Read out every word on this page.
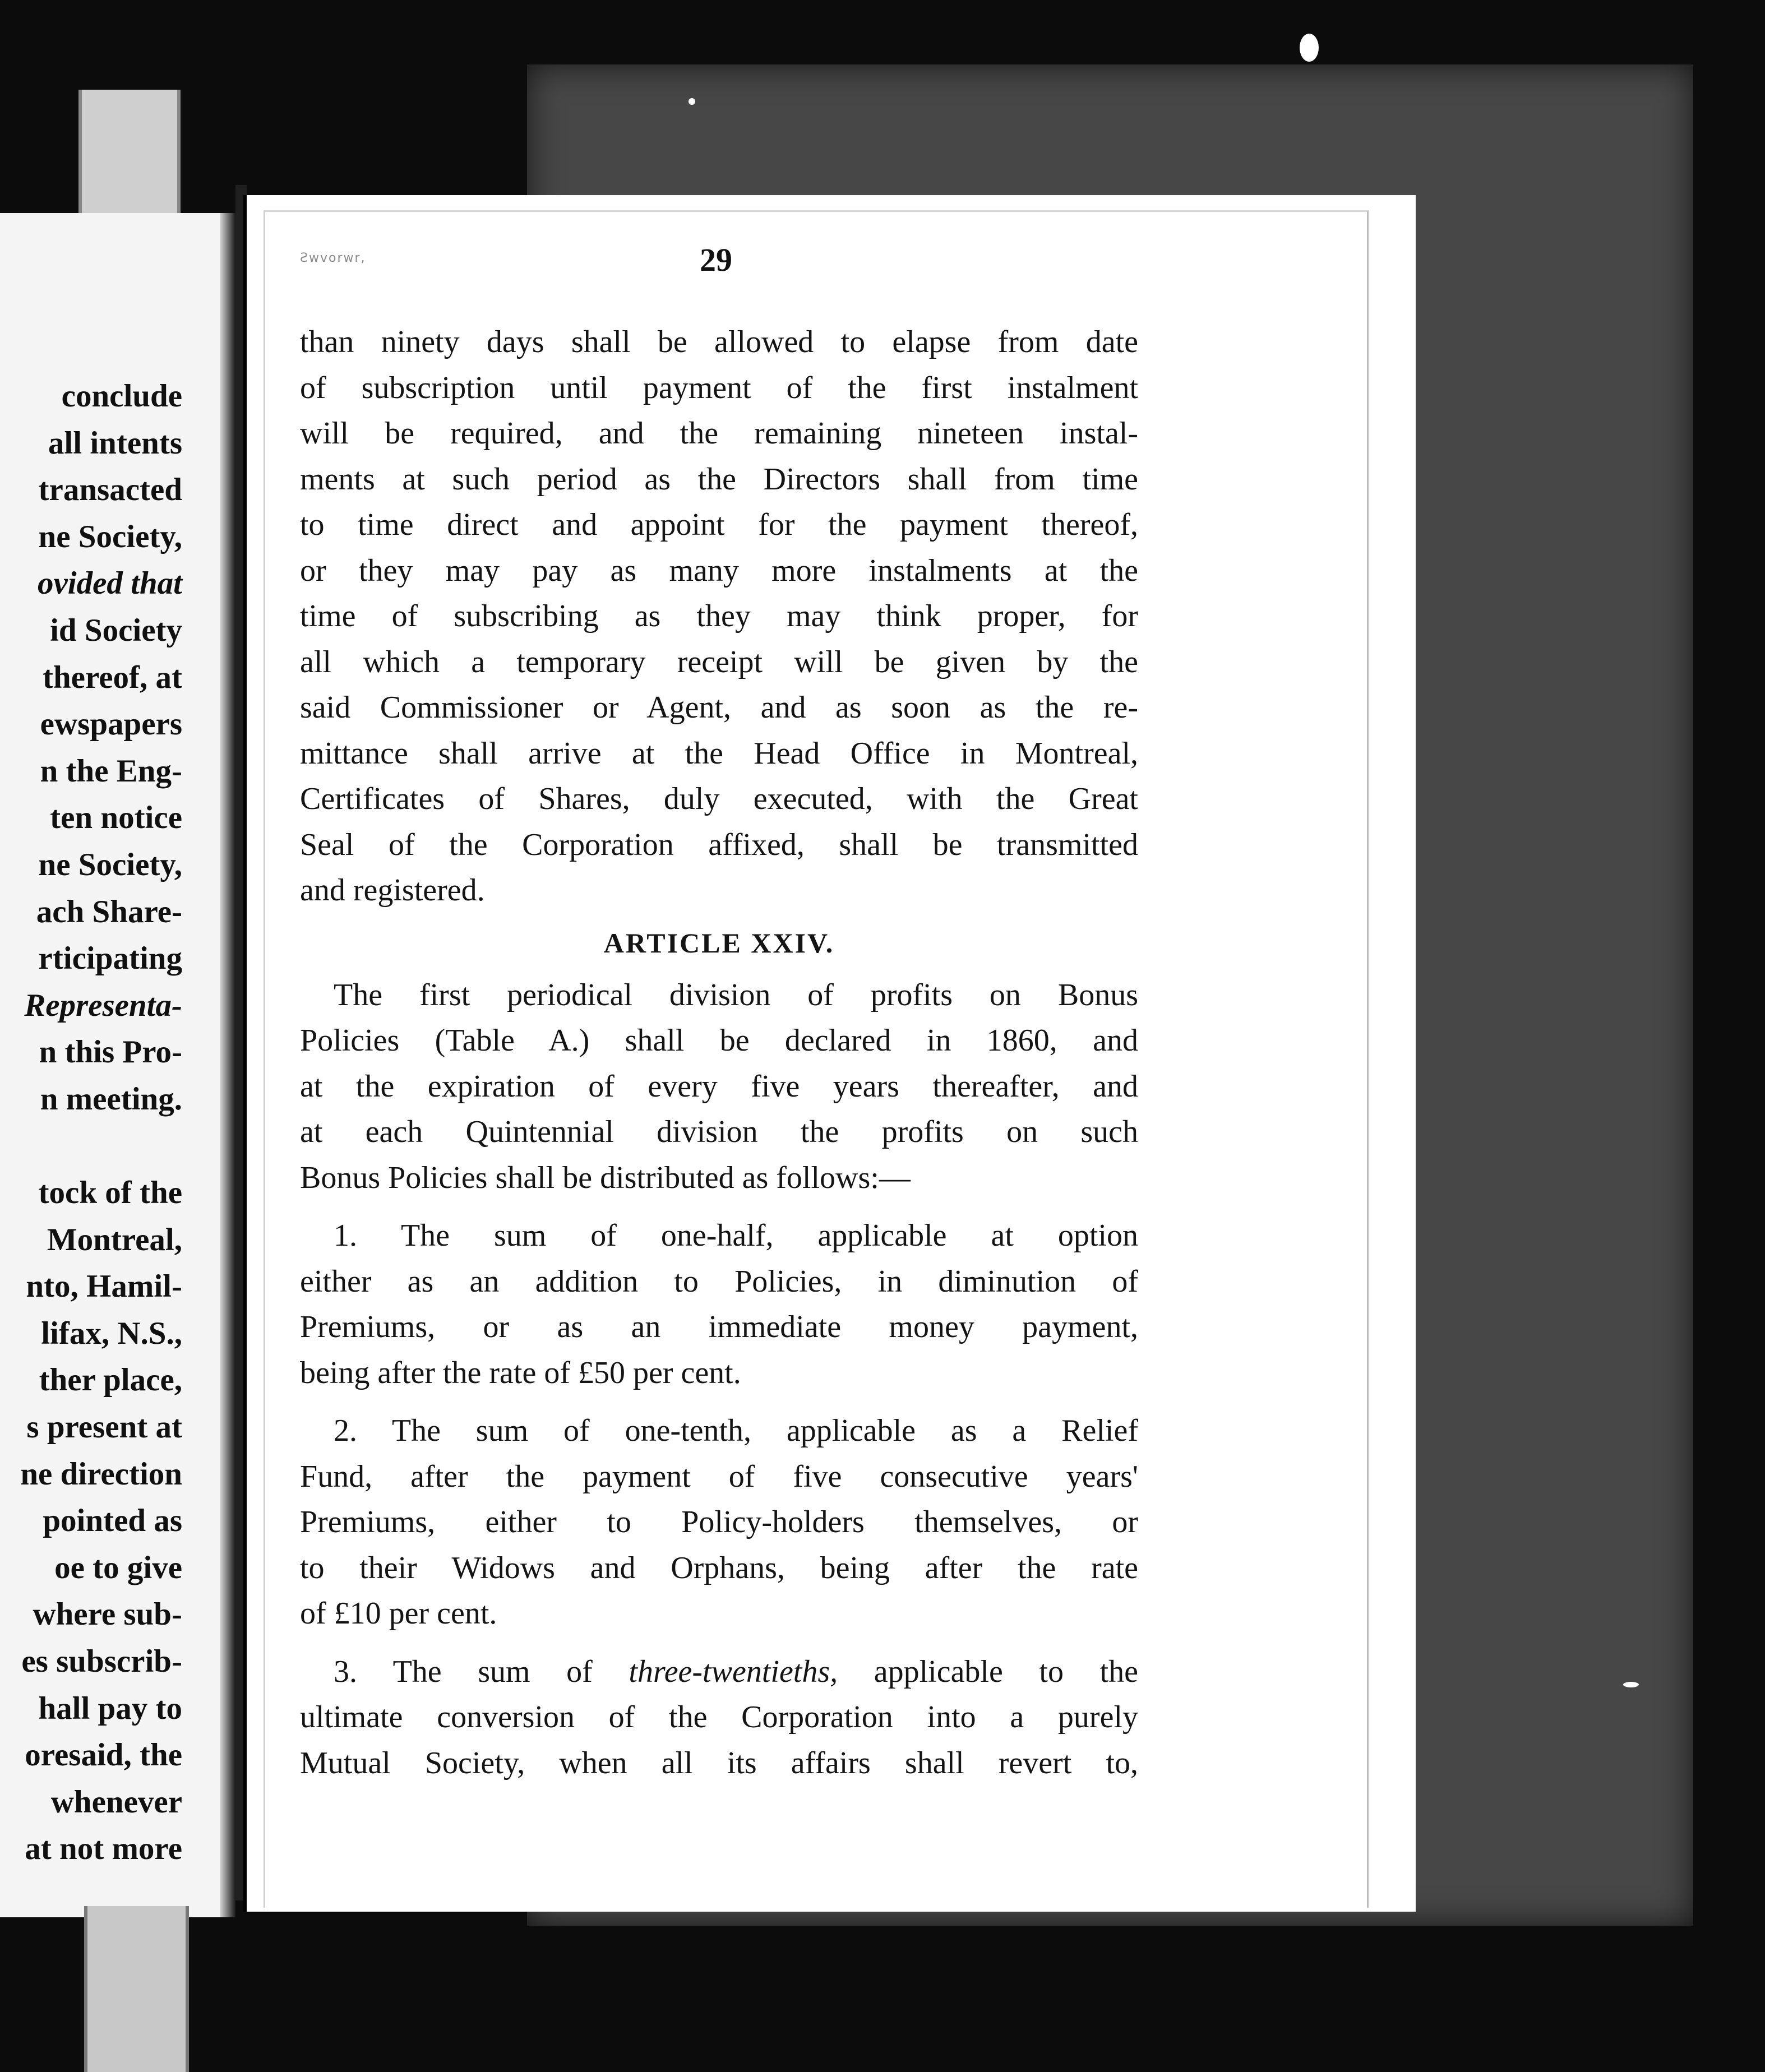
conclude
all intents
transacted
ne Society,
ovided that
id Society
thereof, at
ewspapers
n the Eng-
ten notice
ne Society,
ach Share-
rticipating
Representa-
n this Pro-
n meeting.
tock of the
Montreal,
nto, Hamil-
lifax, N.S.,
ther place,
s present at
ne direction
pointed as
oe to give
where sub-
es subscrib-
hall pay to
oresaid, the
whenever
at not more
Ƨwvorwr,	29
than ninety days shall be allowed to elapse from date
of subscription until payment of the first instalment
will be required, and the remaining nineteen instal-
ments at such period as the Directors shall from time
to time direct and appoint for the payment thereof,
or they may pay as many more instalments at the
time of subscribing as they may think proper, for
all which a temporary receipt will be given by the
said Commissioner or Agent, and as soon as the re-
mittance shall arrive at the Head Office in Montreal,
Certificates of Shares, duly executed, with the Great
Seal of the Corporation affixed, shall be transmitted
and registered.
ARTICLE XXIV.
The first periodical division of profits on Bonus
Policies (Table A.) shall be declared in 1860, and
at the expiration of every five years thereafter, and
at each Quintennial division the profits on such
Bonus Policies shall be distributed as follows:—
1. The sum of one-half, applicable at option
either as an addition to Policies, in diminution of
Premiums, or as an immediate money payment,
being after the rate of £50 per cent.
2. The sum of one-tenth, applicable as a Relief
Fund, after the payment of five consecutive years'
Premiums, either to Policy-holders themselves, or
to their Widows and Orphans, being after the rate
of £10 per cent.
3. The sum of three-twentieths, applicable to the
ultimate conversion of the Corporation into a purely
Mutual Society, when all its affairs shall revert to,
